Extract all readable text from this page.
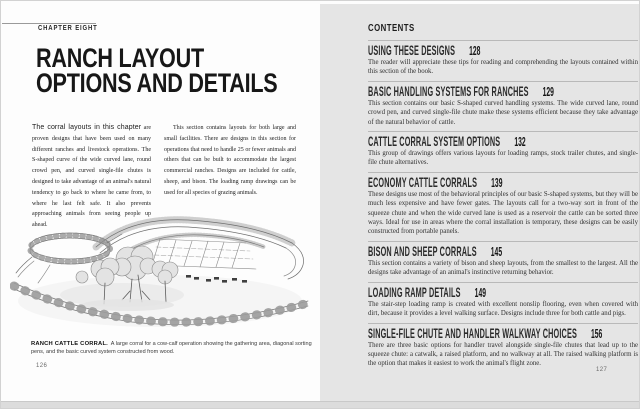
CHAPTER EIGHT
RANCH LAYOUT
OPTIONS AND DETAILS
The corral layouts in this chapter are proven designs that have been used on many different ranches and livestock operations. The S-shaped curve of the wide curved lane, round crowd pen, and curved single-file chutes is designed to take advantage of an animal's natural tendency to go back to where he came from, to where he last felt safe. It also prevents approaching animals from seeing people up ahead.
This section contains layouts for both large and small facilities. There are designs in this section for operations that need to handle 25 or fewer animals and others that can be built to accommodate the largest commercial ranches. Designs are included for cattle, sheep, and bison. The loading ramp drawings can be used for all species of grazing animals.
RANCH CATTLE CORRAL. A large corral for a cow-calf operation showing the gathering area, diagonal sorting pens, and the basic curved system constructed from wood.
126
CONTENTS
USING THESE DESIGNS 128

The reader will appreciate these tips for reading and comprehending the layouts contained within this section of the book.

BASIC HANDLING SYSTEMS FOR RANCHES 129

This section contains our basic S-shaped curved handling systems. The wide curved lane, round crowd pen, and curved single-file chute make these systems efficient because they take advantage of the natural behavior of cattle.

CATTLE CORRAL SYSTEM OPTIONS 132

This group of drawings offers various layouts for loading ramps, stock trailer chutes, and single-file chute alternatives.

ECONOMY CATTLE CORRALS 139

These designs use most of the behavioral principles of our basic S-shaped systems, but they will be much less expensive and have fewer gates. The layouts call for a two-way sort in front of the squeeze chute and when the wide curved lane is used as a reservoir the cattle can be sorted three ways. Ideal for use in areas where the corral installation is temporary, these designs can be easily constructed from portable panels.

BISON AND SHEEP CORRALS 145

This section contains a variety of bison and sheep layouts, from the smallest to the largest. All the designs take advantage of an animal's instinctive returning behavior.

LOADING RAMP DETAILS 149

The stair-step loading ramp is created with excellent nonslip flooring, even when covered with dirt, because it provides a level walking surface. Designs include three for both cattle and pigs.

SINGLE-FILE CHUTE AND HANDLER WALKWAY CHOICES 156

There are three basic options for handler travel alongside single-file chutes that lead up to the squeeze chute: a catwalk, a raised platform, and no walkway at all. The raised walking platform is the option that makes it easiest to work the animal's flight zone.

127
